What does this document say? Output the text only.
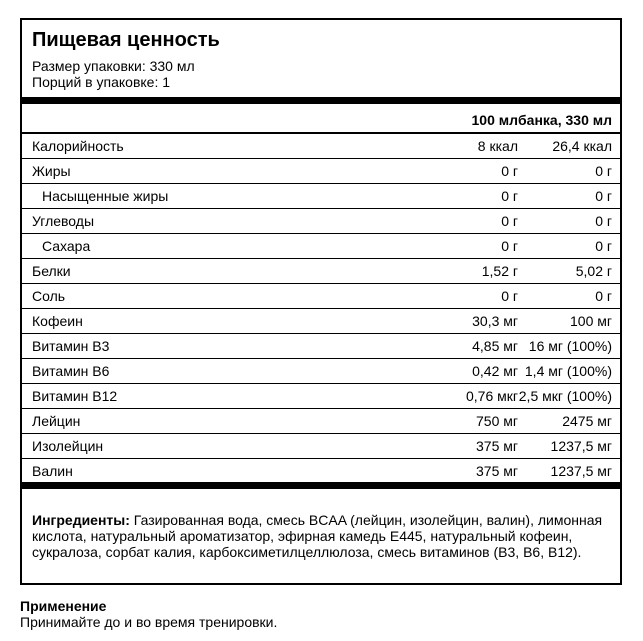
Пищевая ценность
Размер упаковки: 330 мл
Порций в упаковке: 1
100 мл банка, 330 мл
Калорийность	8 ккал 26,4 ккал
Жиры	0 г	0 г
Насыщенные жиры	0 г	0 г
Углеводы	0 г	0 г
Сахара	0 г	0 г
Белки	1,52 г	5,02 г
Соль	0 г	0 г
Кофеин	30,3 мг	100 мг
Витамин B3	4,85 мг 16 мг (100%)
Витамин B6	0,42 мг 1,4 мг (100%)
Витамин B12	0,76 мкг 2,5 мкг (100%)
Лейцин	750 мг	2475 мг
Изолейцин	375 мг 1237,5 мг
Валин	375 мг 1237,5 мг
Ингредиенты: Газированная вода, смесь BCAA (лейцин, изолейцин, валин), лимонная кислота, натуральный ароматизатор, эфирная камедь E445, натуральный кофеин, сукралоза, сорбат калия, карбоксиметилцеллюлоза, смесь витаминов (B3, B6, B12).
Применение
Принимайте до и во время тренировки.
